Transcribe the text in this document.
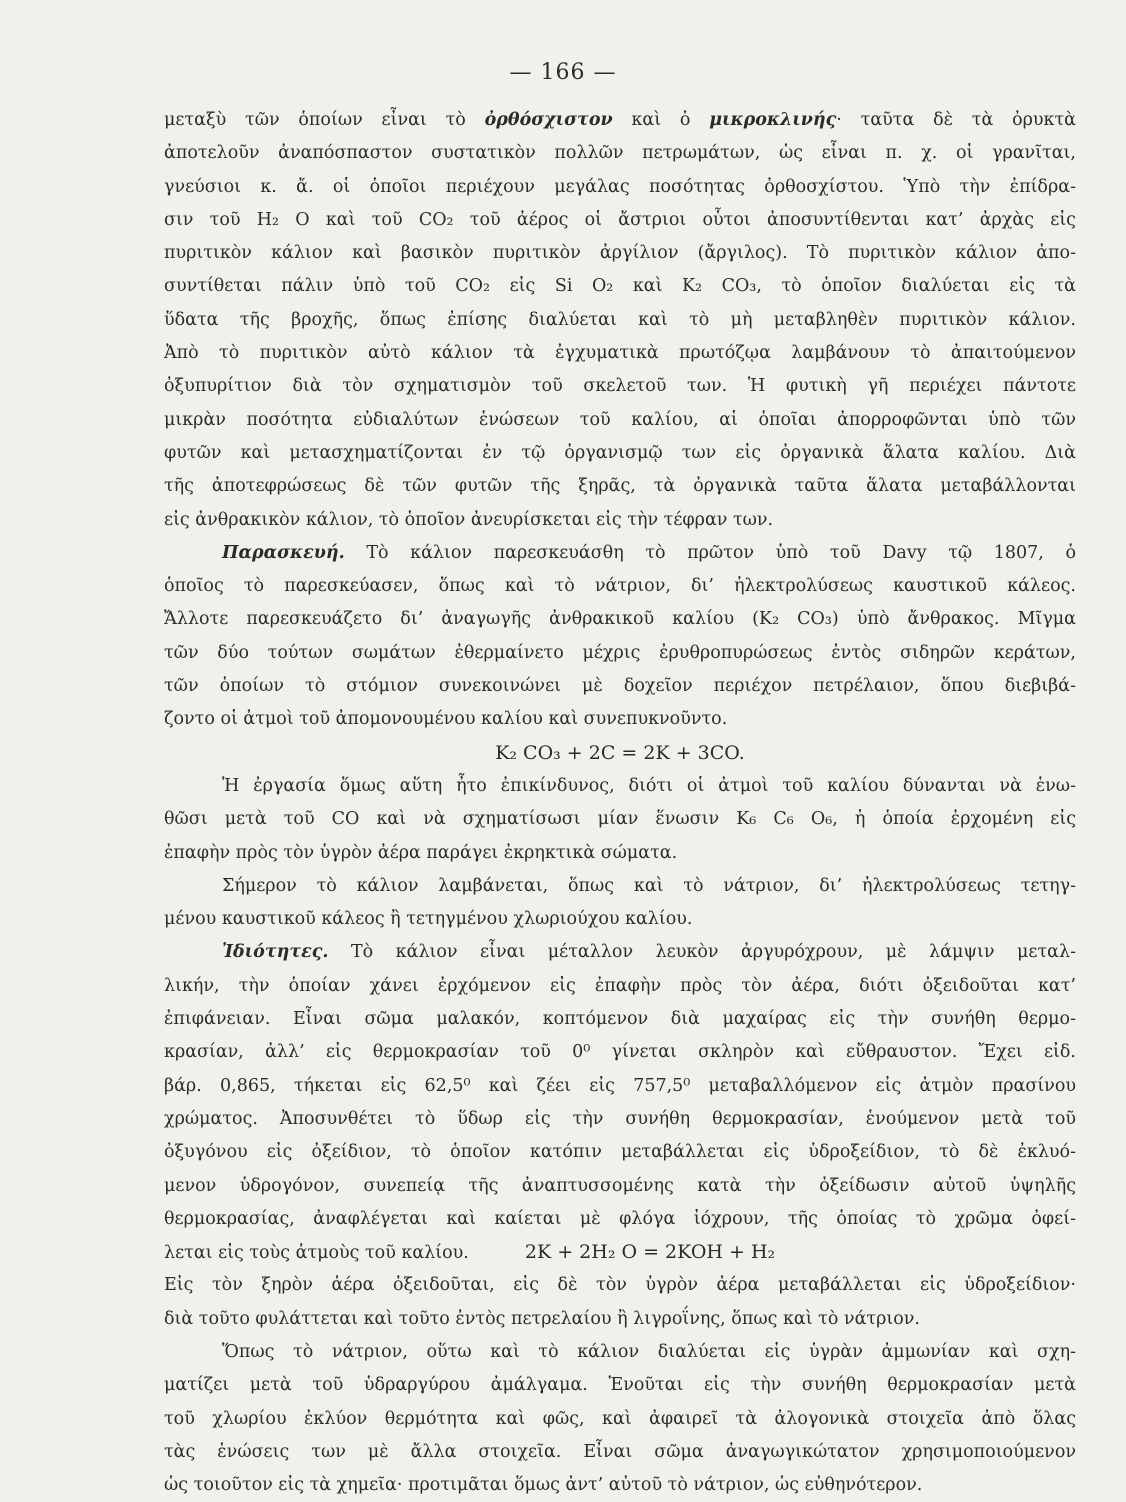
— 166 —
μεταξὺ τῶν ὁποίων εἶναι τὸ ὀρθόσχιστον καὶ ὁ μικροκλινής· ταῦτα δὲ τὰ ὀρυκτὰ
ἀποτελοῦν ἀναπόσπαστον συστατικὸν πολλῶν πετρωμάτων, ὡς εἶναι π. χ. οἱ γρανῖται,
γνεύσιοι κ. ἄ. οἱ ὁποῖοι περιέχουν μεγάλας ποσότητας ὀρθοσχίστου. Ὑπὸ τὴν ἐπίδρα-
σιν τοῦ H₂ O καὶ τοῦ CO₂ τοῦ ἀέρος οἱ ἄστριοι οὗτοι ἀποσυντίθενται κατ’ ἀρχὰς εἰς
πυριτικὸν κάλιον καὶ βασικὸν πυριτικὸν ἀργίλιον (ἄργιλος). Τὸ πυριτικὸν κάλιον ἀπο-
συντίθεται πάλιν ὑπὸ τοῦ CO₂ εἰς Si O₂ καὶ K₂ CO₃, τὸ ὁποῖον διαλύεται εἰς τὰ
ὕδατα τῆς βροχῆς, ὅπως ἐπίσης διαλύεται καὶ τὸ μὴ μεταβληθὲν πυριτικὸν κάλιον.
Ἀπὸ τὸ πυριτικὸν αὐτὸ κάλιον τὰ ἐγχυματικὰ πρωτόζῳα λαμβάνουν τὸ ἀπαιτούμενον
ὀξυπυρίτιον διὰ τὸν σχηματισμὸν τοῦ σκελετοῦ των. Ἡ φυτικὴ γῆ περιέχει πάντοτε
μικρὰν ποσότητα εὐδιαλύτων ἑνώσεων τοῦ καλίου, αἱ ὁποῖαι ἀπορροφῶνται ὑπὸ τῶν
φυτῶν καὶ μετασχηματίζονται ἐν τῷ ὀργανισμῷ των εἰς ὀργανικὰ ἅλατα καλίου. Διὰ
τῆς ἀποτεφρώσεως δὲ τῶν φυτῶν τῆς ξηρᾶς, τὰ ὀργανικὰ ταῦτα ἅλατα μεταβάλλονται
εἰς ἀνθρακικὸν κάλιον, τὸ ὁποῖον ἀνευρίσκεται εἰς τὴν τέφραν των.
Παρασκευή. Τὸ κάλιον παρεσκευάσθη τὸ πρῶτον ὑπὸ τοῦ Davy τῷ 1807, ὁ
ὁποῖος τὸ παρεσκεύασεν, ὅπως καὶ τὸ νάτριον, δι’ ἠλεκτρολύσεως καυστικοῦ κάλεος.
Ἄλλοτε παρεσκευάζετο δι’ ἀναγωγῆς ἀνθρακικοῦ καλίου (K₂ CO₃) ὑπὸ ἄνθρακος. Μῖγμα
τῶν δύο τούτων σωμάτων ἐθερμαίνετο μέχρις ἐρυθροπυρώσεως ἐντὸς σιδηρῶν κεράτων,
τῶν ὁποίων τὸ στόμιον συνεκοινώνει μὲ δοχεῖον περιέχον πετρέλαιον, ὅπου διεβιβά-
ζοντο οἱ ἀτμοὶ τοῦ ἀπομονουμένου καλίου καὶ συνεπυκνοῦντο.
K₂ CO₃ + 2C = 2K + 3CO.
Ἡ ἐργασία ὅμως αὕτη ἦτο ἐπικίνδυνος, διότι οἱ ἀτμοὶ τοῦ καλίου δύνανται νὰ ἑνω-
θῶσι μετὰ τοῦ CO καὶ νὰ σχηματίσωσι μίαν ἕνωσιν K₆ C₆ O₆, ἡ ὁποία ἐρχομένη εἰς
ἐπαφὴν πρὸς τὸν ὑγρὸν ἀέρα παράγει ἐκρηκτικὰ σώματα.
Σήμερον τὸ κάλιον λαμβάνεται, ὅπως καὶ τὸ νάτριον, δι’ ἠλεκτρολύσεως τετηγ-
μένου καυστικοῦ κάλεος ἢ τετηγμένου χλωριούχου καλίου.
Ἰδιότητες. Τὸ κάλιον εἶναι μέταλλον λευκὸν ἀργυρόχρουν, μὲ λάμψιν μεταλ-
λικήν, τὴν ὁποίαν χάνει ἐρχόμενον εἰς ἐπαφὴν πρὸς τὸν ἀέρα, διότι ὀξειδοῦται κατ’
ἐπιφάνειαν. Εἶναι σῶμα μαλακόν, κοπτόμενον διὰ μαχαίρας εἰς τὴν συνήθη θερμο-
κρασίαν, ἀλλ’ εἰς θερμοκρασίαν τοῦ 0⁰ γίνεται σκληρὸν καὶ εὔθραυστον. Ἔχει εἰδ.
βάρ. 0,865, τήκεται εἰς 62,5⁰ καὶ ζέει εἰς 757,5⁰ μεταβαλλόμενον εἰς ἀτμὸν πρασίνου
χρώματος. Ἀποσυνθέτει τὸ ὕδωρ εἰς τὴν συνήθη θερμοκρασίαν, ἑνούμενον μετὰ τοῦ
ὀξυγόνου εἰς ὀξείδιον, τὸ ὁποῖον κατόπιν μεταβάλλεται εἰς ὑδροξείδιον, τὸ δὲ ἐκλυό-
μενον ὑδρογόνον, συνεπείᾳ τῆς ἀναπτυσσομένης κατὰ τὴν ὀξείδωσιν αὐτοῦ ὑψηλῆς
θερμοκρασίας, ἀναφλέγεται καὶ καίεται μὲ φλόγα ἰόχρουν, τῆς ὁποίας τὸ χρῶμα ὀφεί-
λεται εἰς τοὺς ἀτμοὺς τοῦ καλίου.	2K + 2H₂ O = 2KOH + H₂
Εἰς τὸν ξηρὸν ἀέρα ὀξειδοῦται, εἰς δὲ τὸν ὑγρὸν ἀέρα μεταβάλλεται εἰς ὑδροξείδιον·
διὰ τοῦτο φυλάττεται καὶ τοῦτο ἐντὸς πετρελαίου ἢ λιγροΐνης, ὅπως καὶ τὸ νάτριον.
Ὅπως τὸ νάτριον, οὕτω καὶ τὸ κάλιον διαλύεται εἰς ὑγρὰν ἀμμωνίαν καὶ σχη-
ματίζει μετὰ τοῦ ὑδραργύρου ἀμάλγαμα. Ἑνοῦται εἰς τὴν συνήθη θερμοκρασίαν μετὰ
τοῦ χλωρίου ἐκλύον θερμότητα καὶ φῶς, καὶ ἀφαιρεῖ τὰ ἀλογονικὰ στοιχεῖα ἀπὸ ὅλας
τὰς ἑνώσεις των μὲ ἄλλα στοιχεῖα. Εἶναι σῶμα ἀναγωγικώτατον χρησιμοποιούμενον
ὡς τοιοῦτον εἰς τὰ χημεῖα· προτιμᾶται ὅμως ἀντ’ αὐτοῦ τὸ νάτριον, ὡς εὐθηνότερον.
